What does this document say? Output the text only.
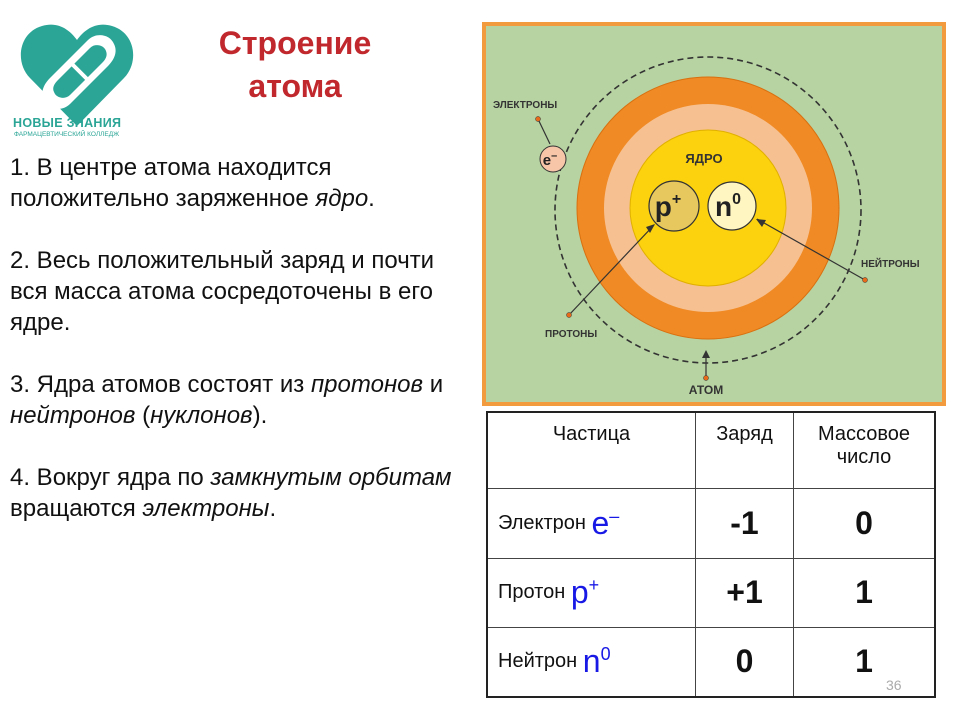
НОВЫЕ ЗНАНИЯ
ФАРМАЦЕВТИЧЕСКИЙ КОЛЛЕДЖ
Строение
атома

1. В центре атома находится положительно заряженное ядро.

2. Весь положительный заряд и почти вся масса атома сосредоточены в его ядре.

3. Ядра атомов состоят из протонов и нейтронов (нуклонов).

4. Вокруг ядра по замкнутым орбитам вращаются электроны.

ЯДРО
p+ $n^0$
e–
ЭЛЕКТРОНЫ
НЕЙТРОНЫ
ПРОТОНЫ
АТОМ
Частица	Заряд	Массовое число
Электрон e–	-1	0
Протон p+	+1	1
Нейтрон $n^0$	0	1
36
